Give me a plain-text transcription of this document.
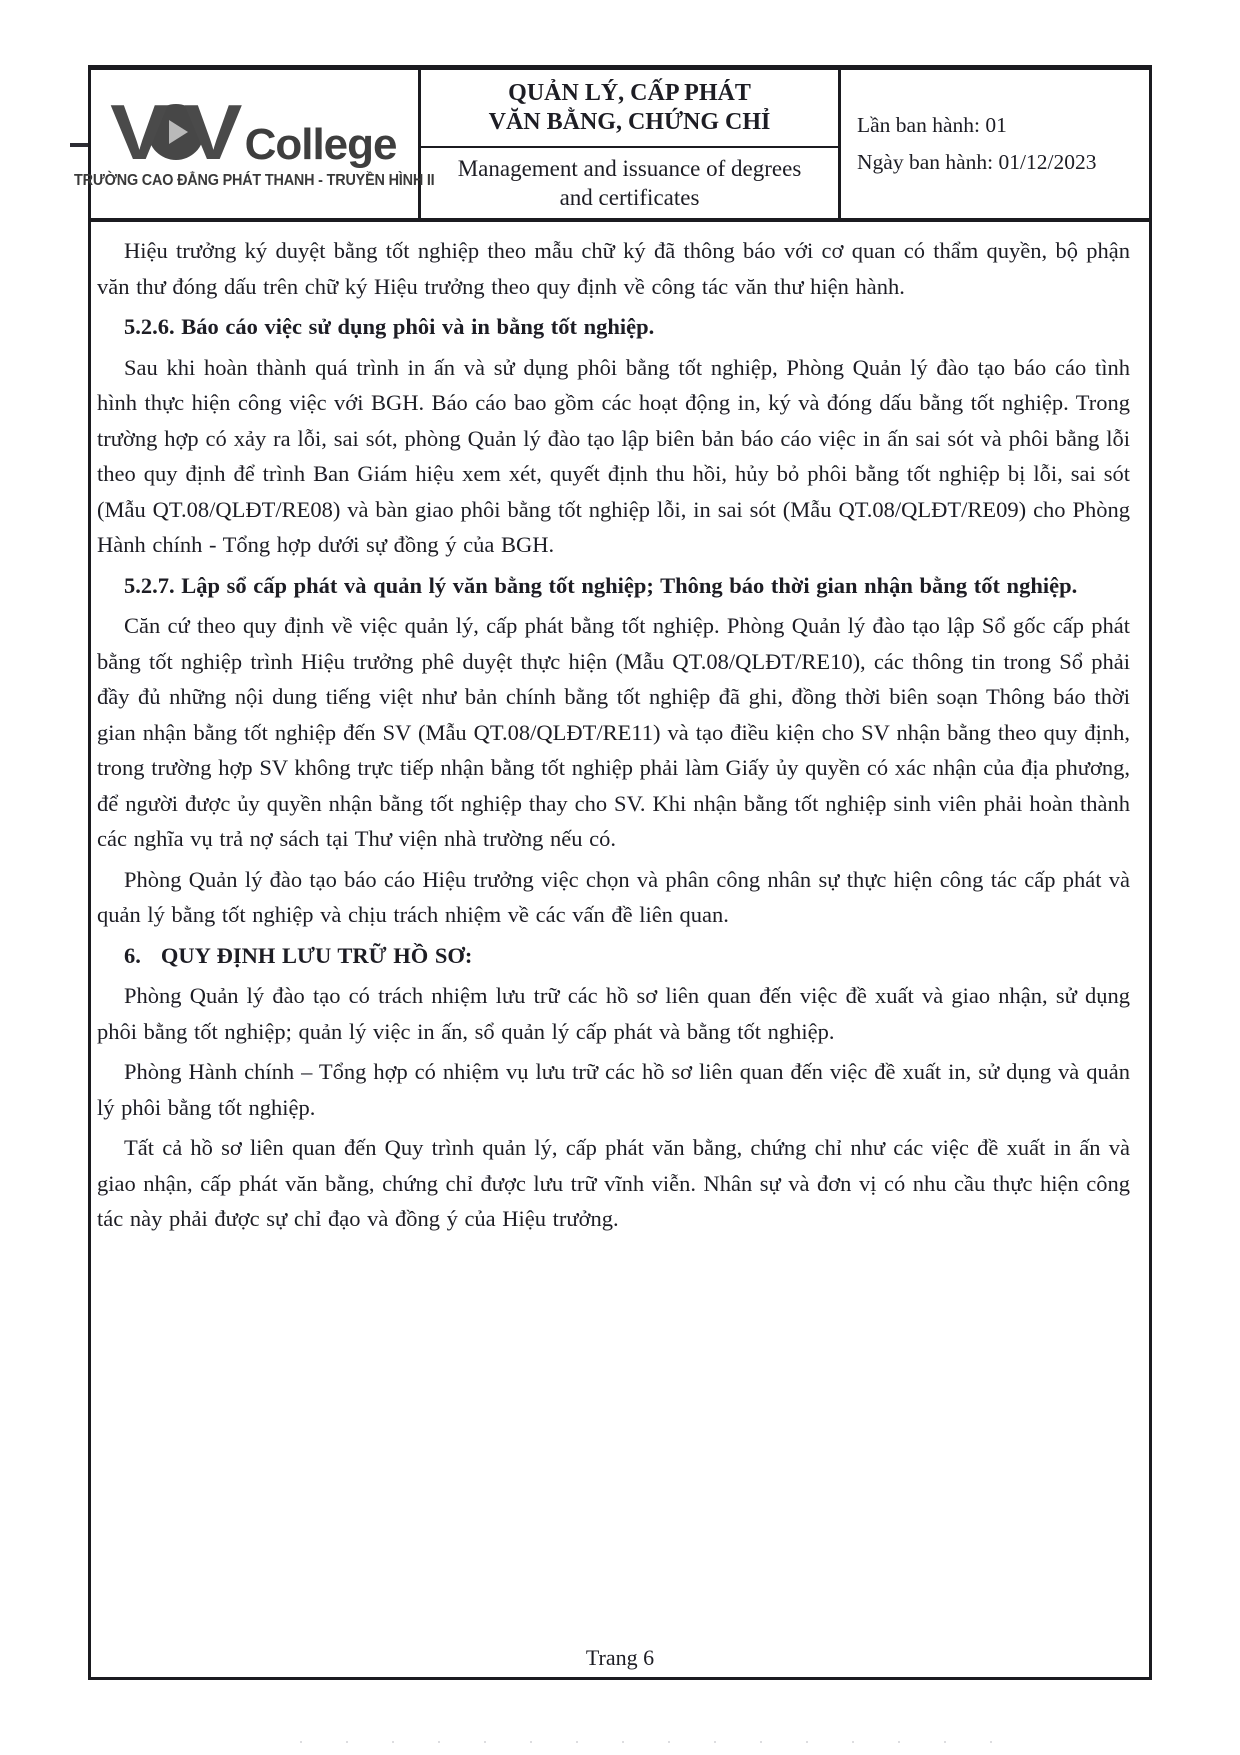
V V College
TRƯỜNG CAO ĐẲNG PHÁT THANH - TRUYỀN HÌNH II
QUẢN LÝ, CẤP PHÁT
VĂN BẰNG, CHỨNG CHỈ
Management and issuance of degrees
and certificates
Lần ban hành: 01
Ngày ban hành: 01/12/2023

Hiệu trưởng ký duyệt bằng tốt nghiệp theo mẫu chữ ký đã thông báo với cơ quan có thẩm quyền, bộ phận văn thư đóng dấu trên chữ ký Hiệu trưởng theo quy định về công tác văn thư hiện hành.

5.2.6. Báo cáo việc sử dụng phôi và in bằng tốt nghiệp.

Sau khi hoàn thành quá trình in ấn và sử dụng phôi bằng tốt nghiệp, Phòng Quản lý đào tạo báo cáo tình hình thực hiện công việc với BGH. Báo cáo bao gồm các hoạt động in, ký và đóng dấu bằng tốt nghiệp. Trong trường hợp có xảy ra lỗi, sai sót, phòng Quản lý đào tạo lập biên bản báo cáo việc in ấn sai sót và phôi bằng lỗi theo quy định để trình Ban Giám hiệu xem xét, quyết định thu hồi, hủy bỏ phôi bằng tốt nghiệp bị lỗi, sai sót (Mẫu QT.08/QLĐT/RE08) và bàn giao phôi bằng tốt nghiệp lỗi, in sai sót (Mẫu QT.08/QLĐT/RE09) cho Phòng Hành chính - Tổng hợp dưới sự đồng ý của BGH.

5.2.7. Lập sổ cấp phát và quản lý văn bằng tốt nghiệp; Thông báo thời gian nhận bằng tốt nghiệp.

Căn cứ theo quy định về việc quản lý, cấp phát bằng tốt nghiệp. Phòng Quản lý đào tạo lập Sổ gốc cấp phát bằng tốt nghiệp trình Hiệu trưởng phê duyệt thực hiện (Mẫu QT.08/QLĐT/RE10), các thông tin trong Sổ phải đầy đủ những nội dung tiếng việt như bản chính bằng tốt nghiệp đã ghi, đồng thời biên soạn Thông báo thời gian nhận bằng tốt nghiệp đến SV (Mẫu QT.08/QLĐT/RE11) và tạo điều kiện cho SV nhận bằng theo quy định, trong trường hợp SV không trực tiếp nhận bằng tốt nghiệp phải làm Giấy ủy quyền có xác nhận của địa phương, để người được ủy quyền nhận bằng tốt nghiệp thay cho SV. Khi nhận bằng tốt nghiệp sinh viên phải hoàn thành các nghĩa vụ trả nợ sách tại Thư viện nhà trường nếu có.

Phòng Quản lý đào tạo báo cáo Hiệu trưởng việc chọn và phân công nhân sự thực hiện công tác cấp phát và quản lý bằng tốt nghiệp và chịu trách nhiệm về các vấn đề liên quan.

6. QUY ĐỊNH LƯU TRỮ HỒ SƠ:

Phòng Quản lý đào tạo có trách nhiệm lưu trữ các hồ sơ liên quan đến việc đề xuất và giao nhận, sử dụng phôi bằng tốt nghiệp; quản lý việc in ấn, sổ quản lý cấp phát và bằng tốt nghiệp.

Phòng Hành chính – Tổng hợp có nhiệm vụ lưu trữ các hồ sơ liên quan đến việc đề xuất in, sử dụng và quản lý phôi bằng tốt nghiệp.

Tất cả hồ sơ liên quan đến Quy trình quản lý, cấp phát văn bằng, chứng chỉ như các việc đề xuất in ấn và giao nhận, cấp phát văn bằng, chứng chỉ được lưu trữ vĩnh viễn. Nhân sự và đơn vị có nhu cầu thực hiện công tác này phải được sự chỉ đạo và đồng ý của Hiệu trưởng.

Trang 6
